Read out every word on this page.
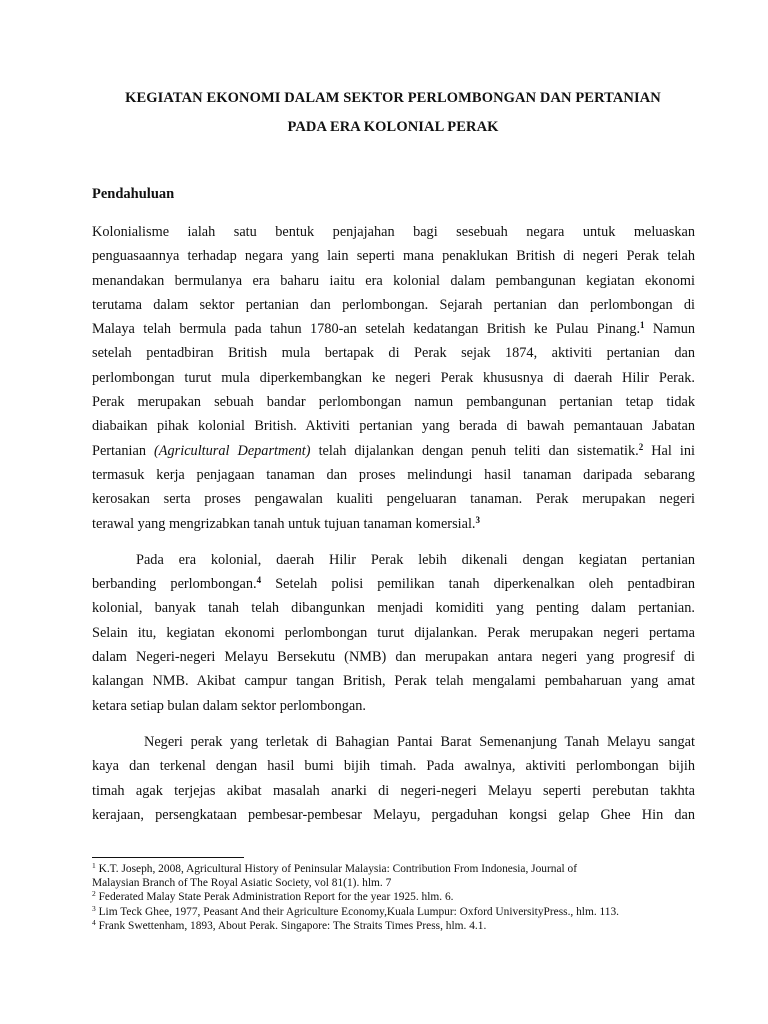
KEGIATAN EKONOMI DALAM SEKTOR PERLOMBONGAN DAN PERTANIAN
PADA ERA KOLONIAL PERAK
Pendahuluan
Kolonialisme ialah satu bentuk penjajahan bagi sesebuah negara untuk meluaskan
penguasaannya terhadap negara yang lain seperti mana penaklukan British di negeri Perak telah
menandakan bermulanya era baharu iaitu era kolonial dalam pembangunan kegiatan ekonomi
terutama dalam sektor pertanian dan perlombongan. Sejarah pertanian dan perlombongan di
Malaya telah bermula pada tahun 1780-an setelah kedatangan British ke Pulau Pinang.$^1$ Namun
setelah pentadbiran British mula bertapak di Perak sejak 1874, aktiviti pertanian dan
perlombongan turut mula diperkembangkan ke negeri Perak khususnya di daerah Hilir Perak.
Perak merupakan sebuah bandar perlombongan namun pembangunan pertanian tetap tidak
diabaikan pihak kolonial British. Aktiviti pertanian yang berada di bawah pemantauan Jabatan
Pertanian (Agricultural Department) telah dijalankan dengan penuh teliti dan sistematik.$^2$ Hal ini
termasuk kerja penjagaan tanaman dan proses melindungi hasil tanaman daripada sebarang
kerosakan serta proses pengawalan kualiti pengeluaran tanaman. Perak merupakan negeri
terawal yang mengrizabkan tanah untuk tujuan tanaman komersial.$^3$
Pada era kolonial, daerah Hilir Perak lebih dikenali dengan kegiatan pertanian
berbanding perlombongan.$^4$ Setelah polisi pemilikan tanah diperkenalkan oleh pentadbiran
kolonial, banyak tanah telah dibangunkan menjadi komiditi yang penting dalam pertanian.
Selain itu, kegiatan ekonomi perlombongan turut dijalankan. Perak merupakan negeri pertama
dalam Negeri-negeri Melayu Bersekutu (NMB) dan merupakan antara negeri yang progresif di
kalangan NMB. Akibat campur tangan British, Perak telah mengalami pembaharuan yang amat
ketara setiap bulan dalam sektor perlombongan.
Negeri perak yang terletak di Bahagian Pantai Barat Semenanjung Tanah Melayu sangat
kaya dan terkenal dengan hasil bumi bijih timah. Pada awalnya, aktiviti perlombongan bijih
timah agak terjejas akibat masalah anarki di negeri-negeri Melayu seperti perebutan takhta
kerajaan, persengkataan pembesar-pembesar Melayu, pergaduhan kongsi gelap Ghee Hin dan
$^1$ K.T. Joseph, 2008, Agricultural History of Peninsular Malaysia: Contribution From Indonesia, Journal of
Malaysian Branch of The Royal Asiatic Society, vol 81(1). hlm. 7
$^2$ Federated Malay State Perak Administration Report for the year 1925. hlm. 6.
$^3$ Lim Teck Ghee, 1977, Peasant And their Agriculture Economy,Kuala Lumpur: Oxford UniversityPress., hlm. 113.
$^4$ Frank Swettenham, 1893, About Perak. Singapore: The Straits Times Press, hlm. 4.1.
